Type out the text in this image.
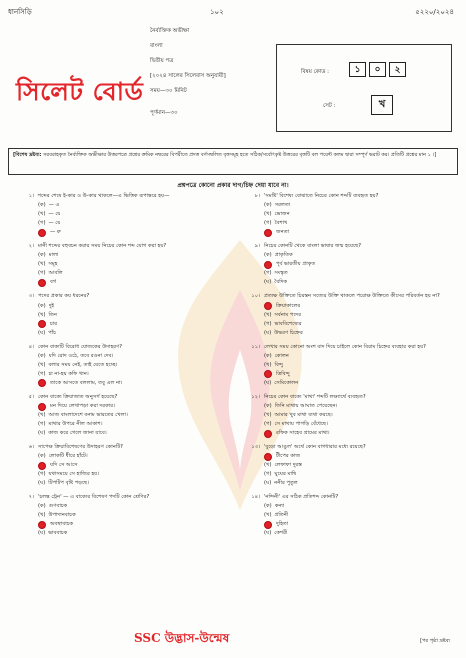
ধানসিড়ি	১০২	৫২২০/২০২৪
নৈর্ব্যক্তিক অভীক্ষা
বাংলা
দ্বিতীয় পত্র
[২০২৪ সালের সিলেবাস অনুযায়ী]
সময়—৩০ মিনিট
পূর্ণমান—৩০
সিলেট বোর্ড
বিষয় কোড :	১	০	২
সেট :	খ
[বিশেষ দ্রষ্টব্য: সরবরাহকৃত নৈর্ব্যক্তিক অভীক্ষার উত্তরপত্রে প্রশ্নের ক্রমিক নম্বরের বিপরীতে প্রদত্ত বর্ণসম্বলিত বৃত্তসমূহ হতে সঠিক/সর্বোৎকৃষ্ট উত্তরের বৃত্তটি বল পয়েন্ট কলম দ্বারা সম্পূর্ণ ভরাট কর। প্রতিটি প্রশ্নের মান ১ ।]
প্রশ্নপত্রে কোনো প্রকার দাগ/চিহ্ন দেয়া যাবে না।
১। শব্দের শেষে ই-কার ও উ-কার থাকলে—এ ভিত্তিক রূপান্তরে হয়—
( ক ) — এ
( খ ) — য়ে
( গ ) — য়ে
— রু
২। মানী শব্দের বহুবচন করার সময় নিচের কোন শব্দ যোগ করা হয়?
( ক ) মালা
( খ ) সমূহ
( গ ) আবলি
বর্গ
৩। পদের প্রকার কয় ধরনের?
( ক ) দুই
( খ ) তিন
চার
( ঘ ) পাঁচ
৪। কোন বাক্যটি বিরোধ যোজকের উদাহরণ?
( ক ) যদি রোদ ওঠে, তবে রওনা দেব।
( খ ) বলার সময় নেই, তাই যেতে হচ্ছে।
( গ ) চা না-হয় কফি খান।
তাকে আসতে বললাম, তবু এল না।
৫। কোন বাক্যে ক্রিয়াজাত অনুসর্গ হয়েছে?
মন দিয়ে লেখাপড়া করা দরকার।
( খ ) আজ বাংলাদেশে বনাম ভারতের খেলা।
( গ ) মাথার উপরে নীল আকাশ।
( ঘ ) কাজ করে গেলে জানা যাবে।
৬। সাপেক্ষ ক্রিয়াবিশেষণের উদাহরণ কোনটি?
( ক ) লোকটি ধীরে হাঁটে।
যদি সে আসে
( গ ) যথাসময়ে সে হাজির হয়।
( ঘ ) টিপটিপ বৃষ্টি পড়ছে।
৭। 'চলন্ত ট্রেন' — এ বাক্যের বিশেষণ পদটি কোন শ্রেণির?
( ক ) গুণবাচক
( খ ) উপাদানবাচক
অবস্থাবাচক
( ঘ ) ভাববাচক
৮। 'সমষ্টি' বিশেষ্য বোঝাতে নিচের কোন শব্দটি ব্যবহৃত হয়?
( ক ) সরলতা
( খ ) ভোজন
( গ ) বৈশাখ
জনতা
৯। নিচের কোনটি থেকে বাংলা ভাষার জন্ম হয়েছে?
( ক ) প্রাকৃতিক
পূর্ব ভারতীয় প্রাকৃত
( গ ) সংস্কৃত
( ঘ ) বৈদিক
১০। প্রত্যক্ষ উক্তিতে চিরন্তন সত্যের উক্তি থাকলে পরোক্ষ উক্তিতে কীসের পরিবর্তন হয় না?
ক্রিয়াকালের
( খ ) সর্বনাম পদের
( গ ) ভাববিশেষ্যের
( ঘ ) উদ্ধরণ চিহ্নের
১১। লেখার সময় কোনো অংশ বাদ দিয়ে চাইলে কোন বিরাম চিহ্নের ব্যবহার করা হয়?
( ক ) কোলন
( খ ) বিন্দু
ত্রিবিন্দু
( ঘ ) সেমিকোলন
১২। নিচের কোন বাক্যে 'মাথা' শব্দটি লক্ষ্যার্থে ব্যবহৃত?
( ক ) তিনি মাথায় আঘাত পেয়েছেন।
( খ ) আমার খুব মাথা ব্যথা করছে।
( গ ) সে মাথায় পাগড়ি বেঁধেছে।
রফিক সাহেব গ্রামের মাথা।
১৩। 'বুড়ো আঙুল' অর্থে কোন বাগধারার মধ্যে রয়েছে?
টীপের কাজ
( খ ) লেফাফা দুরস্ত
( গ ) ঘুঘের মাছি
( ঘ ) ননীর পুতুল
১৪। 'নন্দিনী' এর সঠিক প্রতিশব্দ কোনটি?
( ক ) কন্যা
( খ ) প্রতিনী
দুহিতা
( ঘ ) কেশরী
SSC উদ্ভাস-উন্মেষ	[পর পৃষ্ঠা দ্রষ্টব্য
